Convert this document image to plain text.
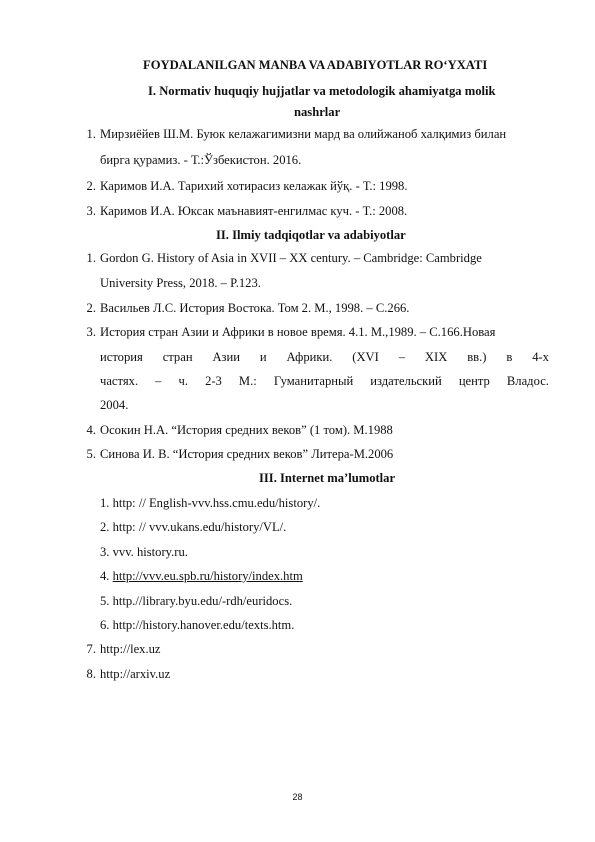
FOYDALANILGAN MANBA VA ADABIYOTLAR RO‘YXATI
I. Normativ huquqiy hujjatlar va metodologik ahamiyatga molik
nashrlar
1. Мирзиёйев Ш.М. Буюк келажагимизни мард ва олийжаноб халқимиз билан
бирга қурамиз. - Т.:Ўзбекистон. 2016.
2. Каримов И.А. Тарихий хотирасиз келажак йўқ. - Т.: 1998.
3. Каримов И.А. Юксак маънавият-енгилмас куч. - Т.: 2008.
II. Ilmiy tadqiqotlar va adabiyotlar
1. Gordon G. History of Asia in XVII – XX century. – Cambridge: Cambridge
University Press, 2018. – P.123.
2. Васильев Л.С. История Востока. Том 2. М., 1998. – С.266.
3. История стран Азии и Африки в новое время. 4.1. М.,1989. – С.166.Новая
история стран Азии и Африки. (XVI – XIX вв.) в 4-х
частях. – ч. 2-3 М.: Гуманитарный издательский центр Владос.
2004.
4. Осокин Н.А. “История средних веков” (1 том). М.1988
5. Синова И. В. “История средних веков” Литера-М.2006
III. Internet ma’lumotlar
1. http: // English-vvv.hss.cmu.edu/history/.
2. http: // vvv.ukans.edu/history/VL/.
3. vvv. history.ru.
4. http://vvv.eu.spb.ru/history/index.htm
5. http.//library.byu.edu/-rdh/euridocs.
6. http://history.hanover.edu/texts.htm.
7. http://lex.uz
8. http://arxiv.uz
28
